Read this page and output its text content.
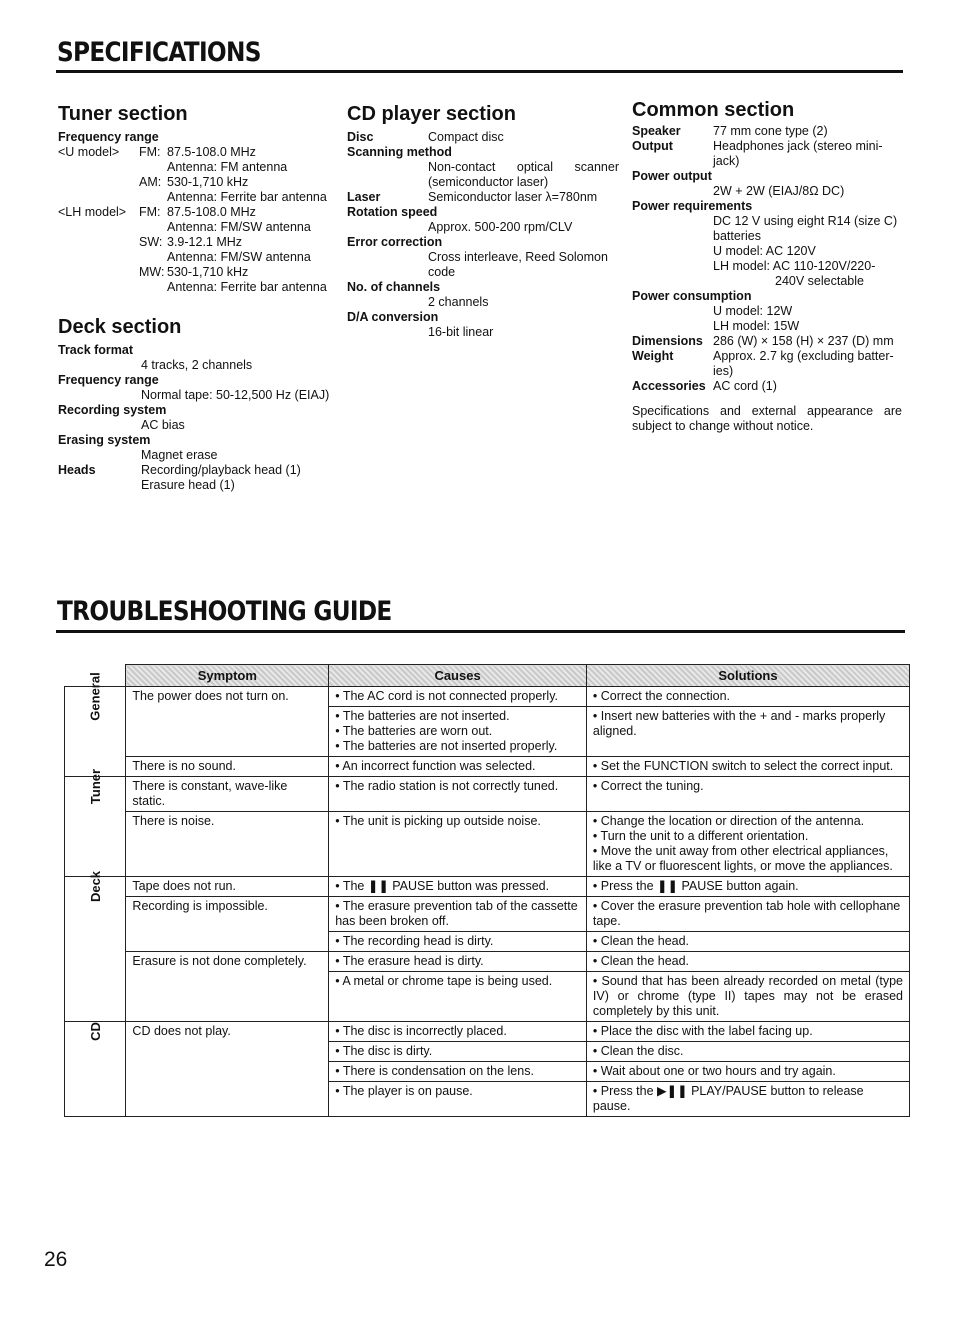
SPECIFICATIONS
Tuner section
Frequency range
<U model> FM: 87.5-108.0 MHz
Antenna: FM antenna
AM: 530-1,710 kHz
Antenna: Ferrite bar antenna
<LH model> FM: 87.5-108.0 MHz
Antenna: FM/SW antenna
SW: 3.9-12.1 MHz
Antenna: FM/SW antenna
MW: 530-1,710 kHz
Antenna: Ferrite bar antenna
Deck section
Track format
4 tracks, 2 channels
Frequency range
Normal tape: 50-12,500 Hz (EIAJ)
Recording system
AC bias
Erasing system
Magnet erase
Heads	Recording/playback head (1)
Erasure head (1)
CD player section
Disc	Compact disc
Scanning method
Non-contact optical scanner
(semiconductor laser)
Laser	Semiconductor laser λ=780nm
Rotation speed
Approx. 500-200 rpm/CLV
Error correction
Cross interleave, Reed Solomon
code
No. of channels
2 channels
D/A conversion
16-bit linear
Common section
Speaker	77 mm cone type (2)
Output	Headphones jack (stereo mini-
jack)
Power output
2W + 2W (EIAJ/8Ω DC)
Power requirements
DC 12 V using eight R14 (size C)
batteries
U model: AC 120V
LH model: AC 110-120V/220-
240V selectable
Power consumption
U model: 12W
LH model: 15W
Dimensions 286 (W) × 158 (H) × 237 (D) mm
Weight	Approx. 2.7 kg (excluding batter-
ies)
Accessories AC cord (1)
Specifications and external appearance are subject to change without notice.
TROUBLESHOOTING GUIDE
	Symptom	Causes	Solutions
General	The power does not turn on.	• The AC cord is not connected properly.	• Correct the connection.
		• The batteries are not inserted.
• The batteries are worn out.
• The batteries are not inserted properly.	• Insert new batteries with the + and - marks properly aligned.
	There is no sound.	• An incorrect function was selected.	• Set the FUNCTION switch to select the correct input.
Tuner	There is constant, wave-like static.	• The radio station is not correctly tuned.	• Correct the tuning.
	There is noise.	• The unit is picking up outside noise.	• Change the location or direction of the antenna.
• Turn the unit to a different orientation.
• Move the unit away from other electrical appliances, like a TV or fluorescent lights, or move the appliances.
Deck	Tape does not run.	• The ❚❚ PAUSE button was pressed.	• Press the ❚❚ PAUSE button again.
	Recording is impossible.	• The erasure prevention tab of the cassette has been broken off.	• Cover the erasure prevention tab hole with cellophane tape.
		• The recording head is dirty.	• Clean the head.
	Erasure is not done completely.	• The erasure head is dirty.	• Clean the head.
		• A metal or chrome tape is being used.	• Sound that has been already recorded on metal (type IV) or chrome (type II) tapes may not be erased completely by this unit.
CD	CD does not play.	• The disc is incorrectly placed.	• Place the disc with the label facing up.
		• The disc is dirty.	• Clean the disc.
		• There is condensation on the lens.	• Wait about one or two hours and try again.
		• The player is on pause.	• Press the ▶❚❚ PLAY/PAUSE button to release pause.
26
